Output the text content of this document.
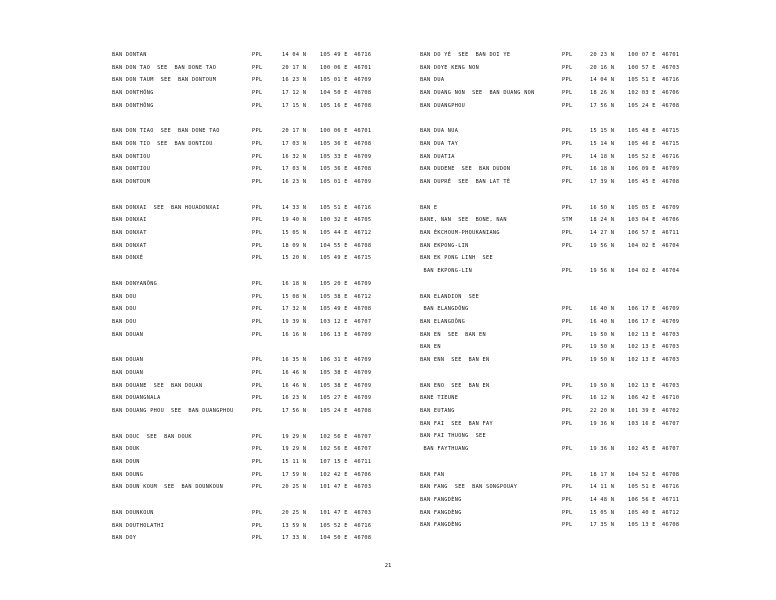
BAN DONTAN	PPL	14 04 N	105 49 E 46716
BAN DON TAO  SEE  BAN DONE TAO	PPL	20 17 N	100 06 E 46701
BAN DON TAUM  SEE  BAN DONTOUM	PPL	16 23 N	105 01 E 46709
BAN DONTHÔNG	PPL	17 12 N	104 50 E 46708
BAN DONTHÔNG	PPL	17 15 N	105 16 E 46708
BAN DON TIAO  SEE  BAN DONE TAO	PPL	20 17 N	100 06 E 46701
BAN DON TIO  SEE  BAN DONTIOU	PPL	17 03 N	105 36 E 46708
BAN DONTIOU	PPL	16 32 N	105 33 E 46709
BAN DONTIOU	PPL	17 03 N	105 36 E 46708
BAN DONTOUM	PPL	16 23 N	105 01 E 46709
BAN DONXAI  SEE  BAN HOUADONXAI	PPL	14 33 N	105 51 E 46716
BAN DONXAI	PPL	19 40 N	100 32 E 46705
BAN DONXAT	PPL	15 05 N	105 44 E 46712
BAN DONXAT	PPL	18 09 N	104 55 E 46708
BAN DONXÉ	PPL	15 20 N	105 49 E 46715
BAN DONYANÔNG	PPL	16 18 N	105 20 E 46709
BAN DOU	PPL	15 08 N	105 38 E 46712
BAN DOU	PPL	17 32 N	105 49 E 46708
BAN DOU	PPL	19 39 N	103 12 E 46707
BAN DOUAN	PPL	16 16 N	106 13 E 46709
BAN DOUAN	PPL	16 35 N	106 31 E 46709
BAN DOUAN	PPL	16 46 N	105 38 E 46709
BAN DOUANE  SEE  BAN DOUAN	PPL	16 46 N	105 38 E 46709
BAN DOUANGNALA	PPL	16 23 N	105 27 E 46709
BAN DOUANG PHOU  SEE  BAN DUANGPHOU	PPL	17 56 N	105 24 E 46708
BAN DOUC  SEE  BAN DOUK	PPL	19 29 N	102 56 E 46707
BAN DOUK	PPL	19 29 N	102 56 E 46707
BAN DOUN	PPL	15 11 N	107 15 E 46711
BAN DOUNG	PPL	17 59 N	102 42 E 46706
BAN DOUN KOUM  SEE  BAN DOUNKOUN	PPL	20 25 N	101 47 E 46703
BAN DOUNKOUN	PPL	20 25 N	101 47 E 46703
BAN DOUTHOLATHI	PPL	13 59 N	105 52 E 46716
BAN DOY	PPL	17 33 N	104 50 E 46708
BAN DO YÉ  SEE  BAN DOI YE	PPL	20 23 N	100 07 E 46701
BAN DOYE KENG NON	PPL	20 16 N	100 57 E 46703
BAN DUA	PPL	14 04 N	105 51 E 46716
BAN DUANG NON  SEE  BAN DUANG NON	PPL	18 26 N	102 03 E 46706
BAN DUANGPHOU	PPL	17 56 N	105 24 E 46708
BAN DUA NUA	PPL	15 15 N	105 48 E 46715
BAN DUA TAY	PPL	15 14 N	105 46 E 46715
BAN DUATIA	PPL	14 18 N	105 52 E 46716
BAN DUDENE  SEE  BAN DUDON	PPL	16 18 N	106 09 E 46709
BAN DUPRÉ  SEE  BAN LAT TÉ	PPL	17 39 N	105 45 E 46708
BAN E	PPL	16 50 N	105 05 E 46709
BANE, NAN  SEE  BONE, NAN	STM	18 24 N	103 04 E 46706
BAN ÉKCHOUM-PHOUKANIANG	PPL	14 27 N	106 57 E 46711
BAN EKPONG-LIN	PPL	19 56 N	104 02 E 46704
BAN EK PONG LINH  SEE
BAN EKPONG-LIN	PPL	19 56 N	104 02 E 46704
BAN ELANDION  SEE
BAN ELANGDÔNG	PPL	16 40 N	106 17 E 46709
BAN ELANGDÔNG	PPL	16 40 N	106 17 E 46709
BAN EN  SEE  BAN EN	PPL	19 50 N	102 13 E 46703
BAN EN	PPL	19 50 N	102 13 E 46703
BAN ENN  SEE  BAN EN	PPL	19 50 N	102 13 E 46703
BAN ENO  SEE  BAN EN	PPL	19 50 N	102 13 E 46703
BANE TIEUNE	PPL	16 12 N	106 42 E 46710
BAN EUTANG	PPL	22 20 N	101 39 E 46702
BAN FAI  SEE  BAN FAY	PPL	19 36 N	103 16 E 46707
BAN FAI THUONG  SEE
BAN FAYTHUANG	PPL	19 36 N	102 45 E 46707
BAN FAN	PPL	18 17 N	104 52 E 46708
BAN FANG  SEE  BAN SONGPOUAY	PPL	14 11 N	105 51 E 46716
BAN FANGDÈNG	PPL	14 48 N	106 56 E 46711
BAN FANGDÈNG	PPL	15 05 N	105 40 E 46712
BAN FANGDÈNG	PPL	17 35 N	105 13 E 46708
21
